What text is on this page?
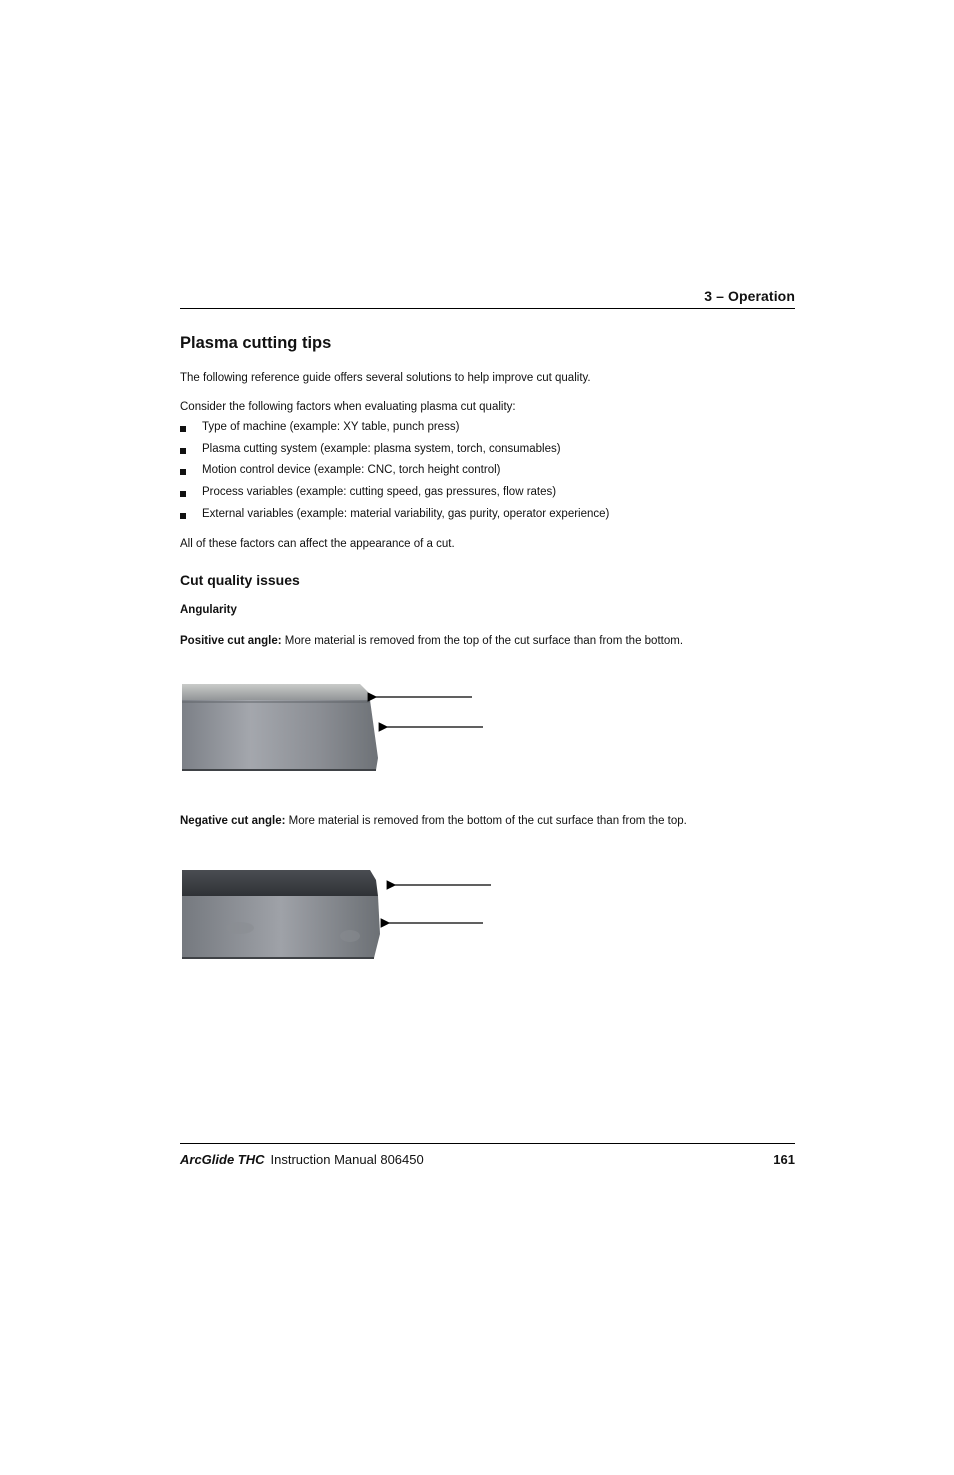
3 – Operation
Plasma cutting tips
The following reference guide offers several solutions to help improve cut quality.
Consider the following factors when evaluating plasma cut quality:
Type of machine (example: XY table, punch press)
Plasma cutting system (example: plasma system, torch, consumables)
Motion control device (example: CNC, torch height control)
Process variables (example: cutting speed, gas pressures, flow rates)
External variables (example: material variability, gas purity, operator experience)
All of these factors can affect the appearance of a cut.
Cut quality issues
Angularity
Positive cut angle: More material is removed from the top of the cut surface than from the bottom.
Negative cut angle: More material is removed from the bottom of the cut surface than from the top.
ArcGlide THC Instruction Manual 806450	161
